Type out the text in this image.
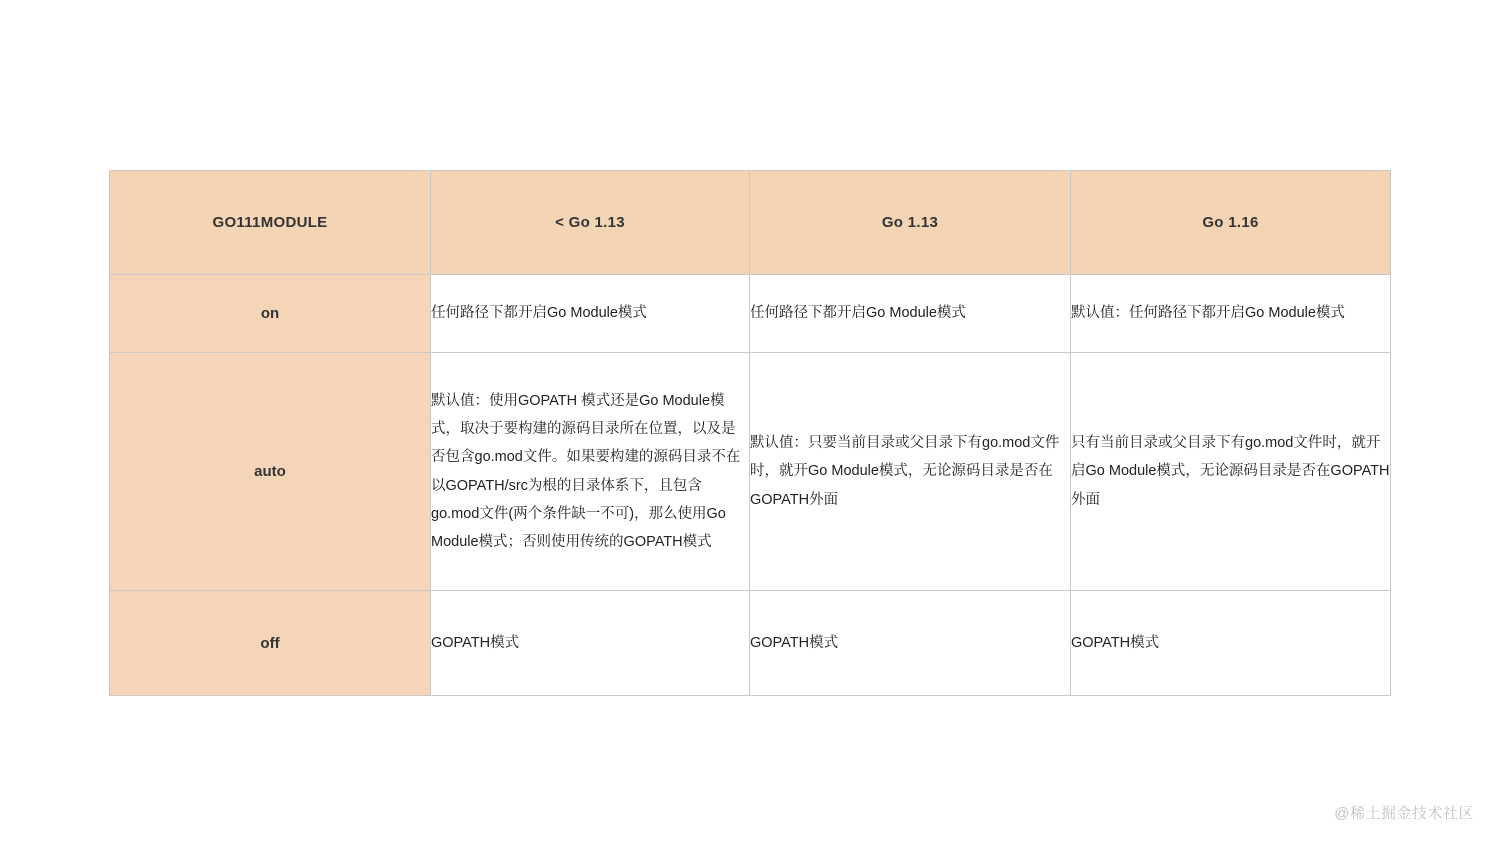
GO111MODULE	< Go 1.13	Go 1.13	Go 1.16
on	任何路径下都开启Go Module模式	任何路径下都开启Go Module模式	默认值：任何路径下都开启Go Module模式
auto	默认值：使用GOPATH 模式还是Go Module模式，取决于要构建的源码目录所在位置，以及是否包含go.mod文件。如果要构建的源码目录不在以GOPATH/src为根的目录体系下，且包含go.mod文件(两个条件缺一不可)，那么使用Go Module模式；否则使用传统的GOPATH模式	默认值：只要当前目录或父目录下有go.mod文件时，就开Go Module模式，无论源码目录是否在GOPATH外面	只有当前目录或父目录下有go.mod文件时，就开启Go Module模式，无论源码目录是否在GOPATH外面
off	GOPATH模式	GOPATH模式	GOPATH模式
@稀土掘金技术社区
